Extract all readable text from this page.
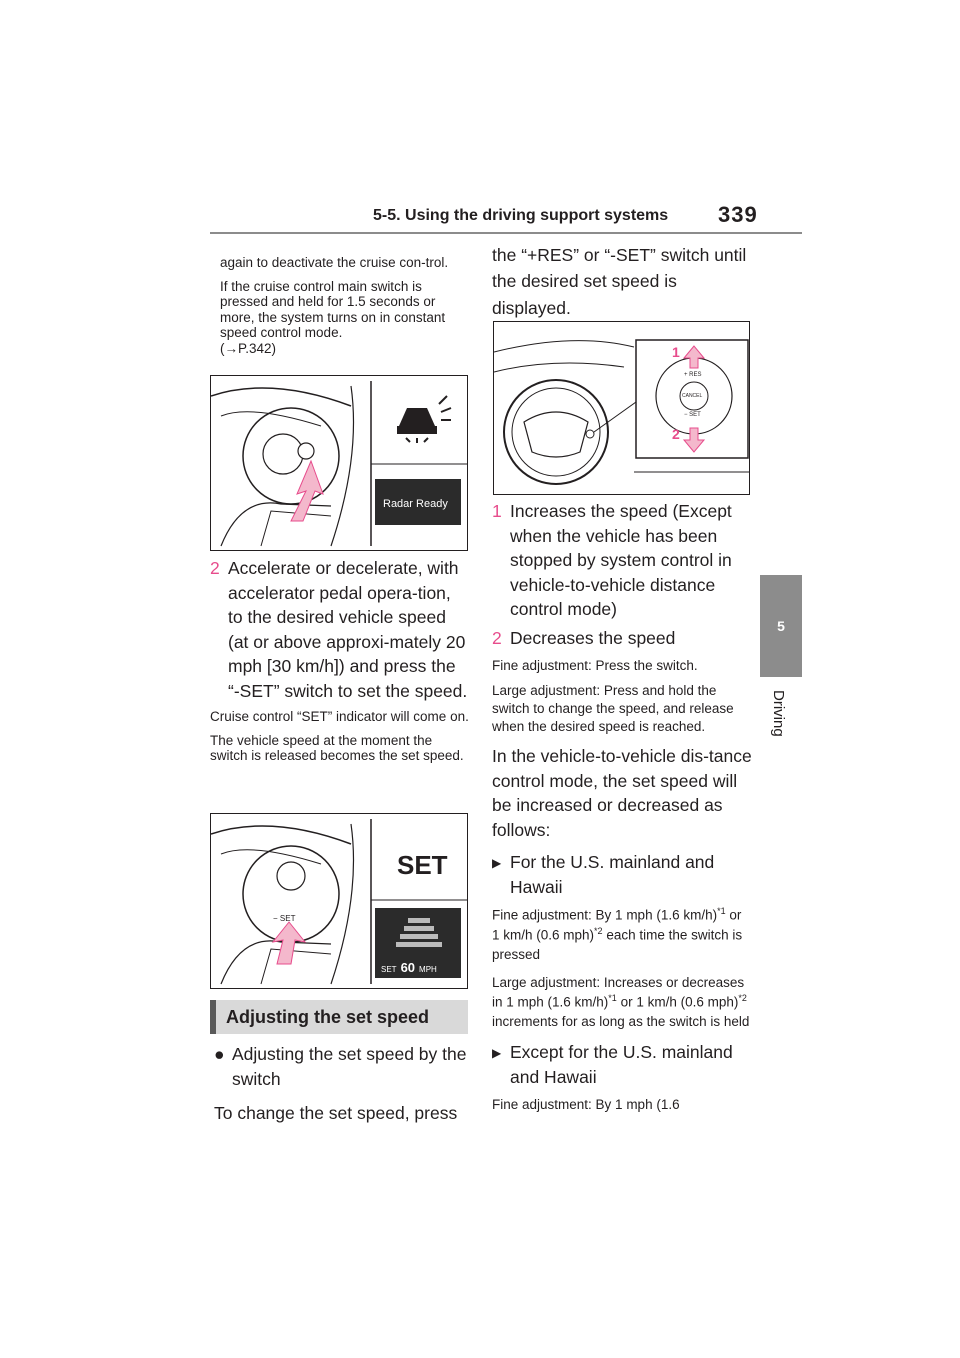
5-5. Using the driving support systems 339
5
Driving

again to deactivate the cruise con-trol.

If the cruise control main switch is pressed and held for 1.5 seconds or more, the system turns on in constant speed control mode.

(→P.342)

Radar Ready
2 Accelerate or decelerate, with accelerator pedal opera-tion, to the desired vehicle speed (at or above approxi-mately 20 mph [30 km/h]) and press the “-SET” switch to set the speed.

Cruise control “SET” indicator will come on.

The vehicle speed at the moment the switch is released becomes the set speed.

SET
− SET
SET 60 MPH
Adjusting the set speed
● Adjusting the set speed by the switch

To change the set speed, press

the “+RES” or “-SET” switch until the desired set speed is displayed.

1
2
+ RES
CANCEL
− SET
1 Increases the speed (Except when the vehicle has been stopped by system control in vehicle-to-vehicle distance control mode)
2 Decreases the speed

Fine adjustment: Press the switch.

Large adjustment: Press and hold the switch to change the speed, and release when the desired speed is reached.

In the vehicle-to-vehicle dis-tance control mode, the set speed will be increased or decreased as follows:

▶ For the U.S. mainland and Hawaii

Fine adjustment: By 1 mph (1.6 km/h)$^{*1}$ or 1 km/h (0.6 mph)$^{*2}$ each time the switch is pressed

Large adjustment: Increases or decreases in 1 mph (1.6 km/h)$^{*1}$ or 1 km/h (0.6 mph)$^{*2}$ increments for as long as the switch is held

▶ Except for the U.S. mainland and Hawaii

Fine adjustment: By 1 mph (1.6
